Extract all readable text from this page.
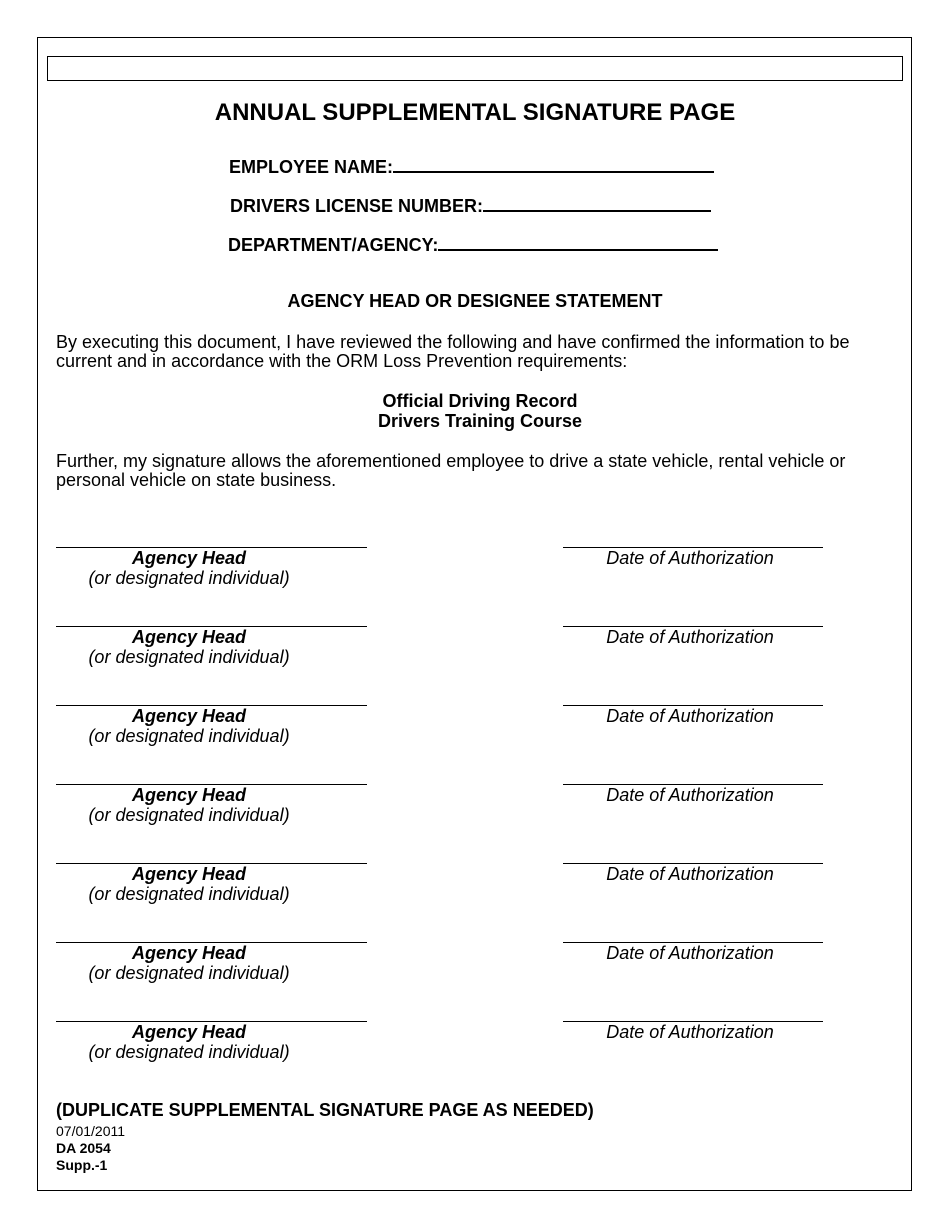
ANNUAL SUPPLEMENTAL SIGNATURE PAGE
EMPLOYEE NAME:
DRIVERS LICENSE NUMBER:
DEPARTMENT/AGENCY:
AGENCY HEAD OR DESIGNEE STATEMENT
By executing this document, I have reviewed the following and have confirmed the information to be current and in accordance with the ORM Loss Prevention requirements:
Official Driving Record
Drivers Training Course
Further, my signature allows the aforementioned employee to drive a state vehicle, rental vehicle or personal vehicle on state business.
Agency Head
(or designated individual)
Date of Authorization
Agency Head
(or designated individual)
Date of Authorization
Agency Head
(or designated individual)
Date of Authorization
Agency Head
(or designated individual)
Date of Authorization
Agency Head
(or designated individual)
Date of Authorization
Agency Head
(or designated individual)
Date of Authorization
Agency Head
(or designated individual)
Date of Authorization
(DUPLICATE SUPPLEMENTAL SIGNATURE PAGE AS NEEDED)
07/01/2011
DA 2054
Supp.-1
